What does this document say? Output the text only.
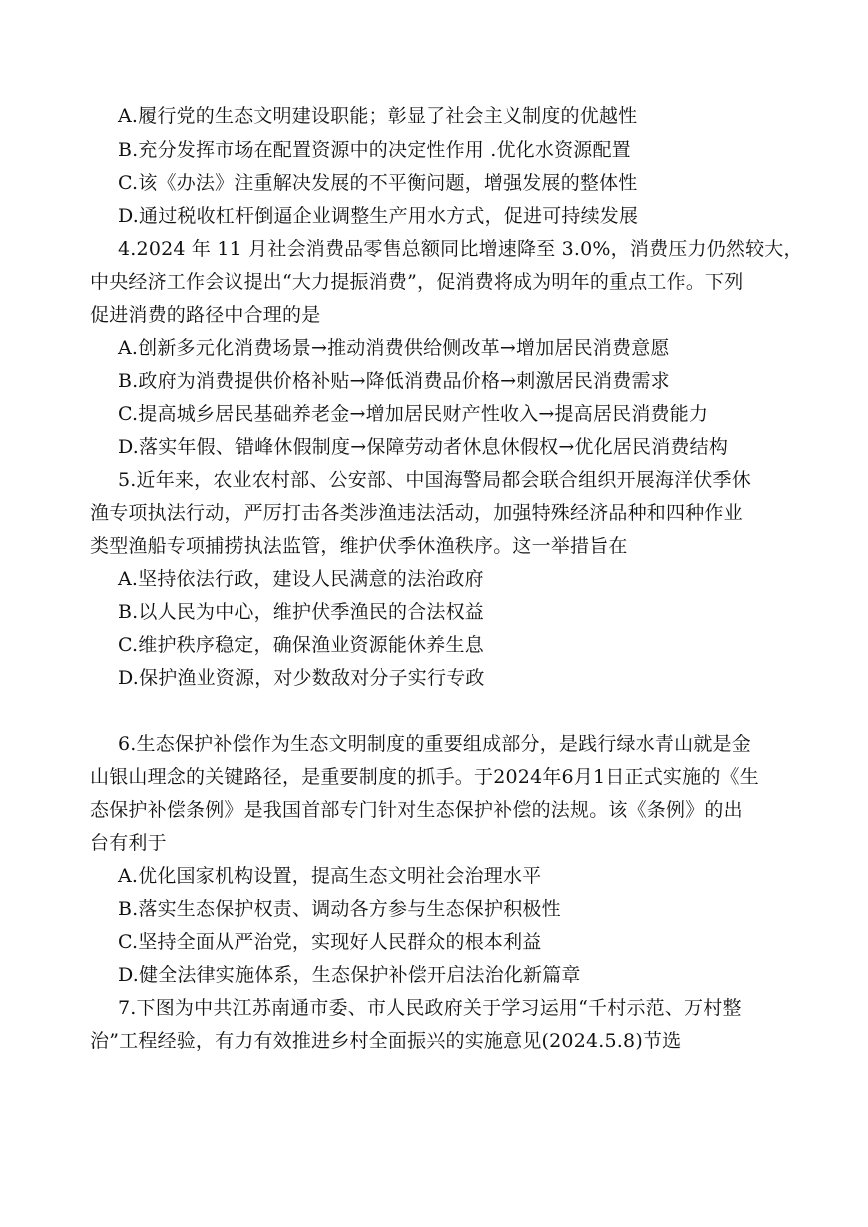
A.履行党的生态文明建设职能；彰显了社会主义制度的优越性
B.充分发挥市场在配置资源中的决定性作用 .优化水资源配置
C.该《办法》注重解决发展的不平衡问题，增强发展的整体性
D.通过税收杠杆倒逼企业调整生产用水方式，促进可持续发展
4.2024 年 11 月社会消费品零售总额同比增速降至 3.0%，消费压力仍然较大，
中央经济工作会议提出“大力提振消费”，促消费将成为明年的重点工作。下列
促进消费的路径中合理的是
A.创新多元化消费场景→推动消费供给侧改革→增加居民消费意愿
B.政府为消费提供价格补贴→降低消费品价格→刺激居民消费需求
C.提高城乡居民基础养老金→增加居民财产性收入→提高居民消费能力
D.落实年假、错峰休假制度→保障劳动者休息休假权→优化居民消费结构
5.近年来，农业农村部、公安部、中国海警局都会联合组织开展海洋伏季休
渔专项执法行动，严厉打击各类涉渔违法活动，加强特殊经济品种和四种作业
类型渔船专项捕捞执法监管，维护伏季休渔秩序。这一举措旨在
A.坚持依法行政，建设人民满意的法治政府
B.以人民为中心，维护伏季渔民的合法权益
C.维护秩序稳定，确保渔业资源能休养生息
D.保护渔业资源，对少数敌对分子实行专政
6.生态保护补偿作为生态文明制度的重要组成部分，是践行绿水青山就是金
山银山理念的关键路径，是重要制度的抓手。于2024年6月1日正式实施的《生
态保护补偿条例》是我国首部专门针对生态保护补偿的法规。该《条例》的出
台有利于
A.优化国家机构设置，提高生态文明社会治理水平
B.落实生态保护权责、调动各方参与生态保护积极性
C.坚持全面从严治党，实现好人民群众的根本利益
D.健全法律实施体系，生态保护补偿开启法治化新篇章
7.下图为中共江苏南通市委、市人民政府关于学习运用“千村示范、万村整
治”工程经验，有力有效推进乡村全面振兴的实施意见(2024.5.8)节选
